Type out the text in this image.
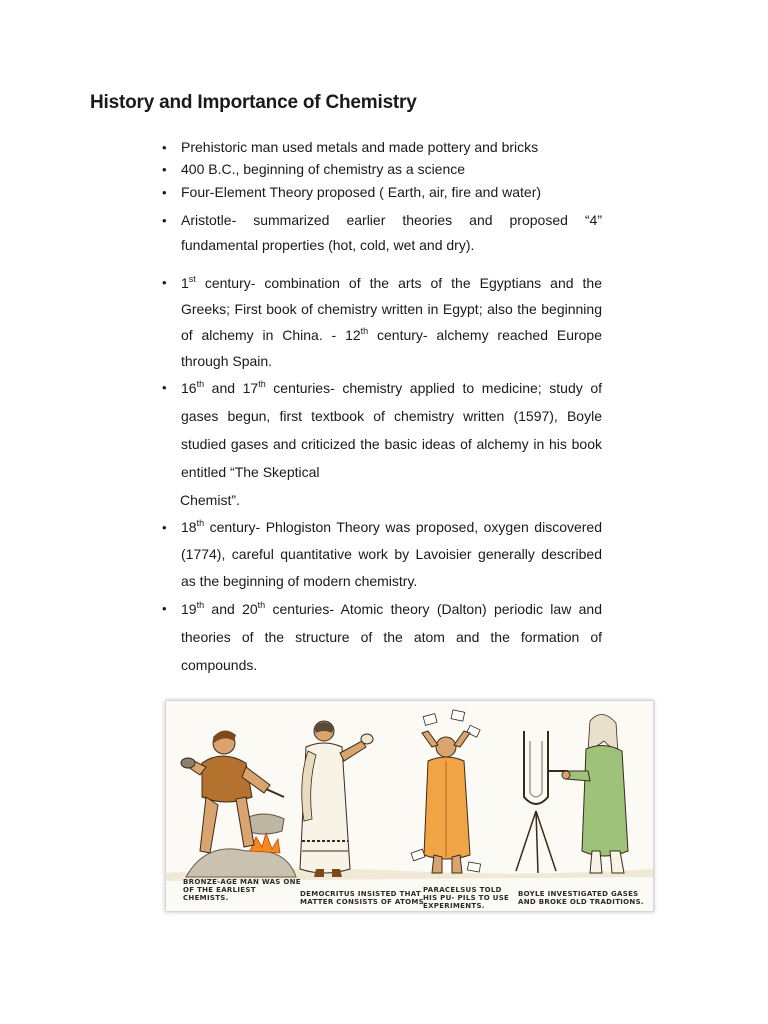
History and Importance of Chemistry
• Prehistoric man used metals and made pottery and bricks
• 400 B.C., beginning of chemistry as a science
• Four-Element Theory proposed ( Earth, air, fire and water)
• Aristotle- summarized earlier theories and proposed “4” fundamental properties (hot, cold, wet and dry).
• 1st century- combination of the arts of the Egyptians and the Greeks; First book of chemistry written in Egypt; also the beginning of alchemy in China. - 12th century- alchemy reached Europe through Spain.
• 16th and 17th centuries- chemistry applied to medicine; study of gases begun, first textbook of chemistry written (1597), Boyle studied gases and criticized the basic ideas of alchemy in his book entitled “The Skeptical
Chemist”.
• 18th century- Phlogiston Theory was proposed, oxygen discovered (1774), careful quantitative work by Lavoisier generally described as the beginning of modern chemistry.
• 19th and 20th centuries- Atomic theory (Dalton) periodic law and theories of the structure of the atom and the formation of compounds.

BRONZE-AGE MAN WAS ONE OF THE EARLIEST CHEMISTS.	DEMOCRITUS INSISTED THAT MATTER CONSISTS OF ATOMS.

PARACELSUS TOLD HIS PU- PILS TO USE EXPERIMENTS.

BOYLE INVESTIGATED GASES AND BROKE OLD TRADITIONS.
